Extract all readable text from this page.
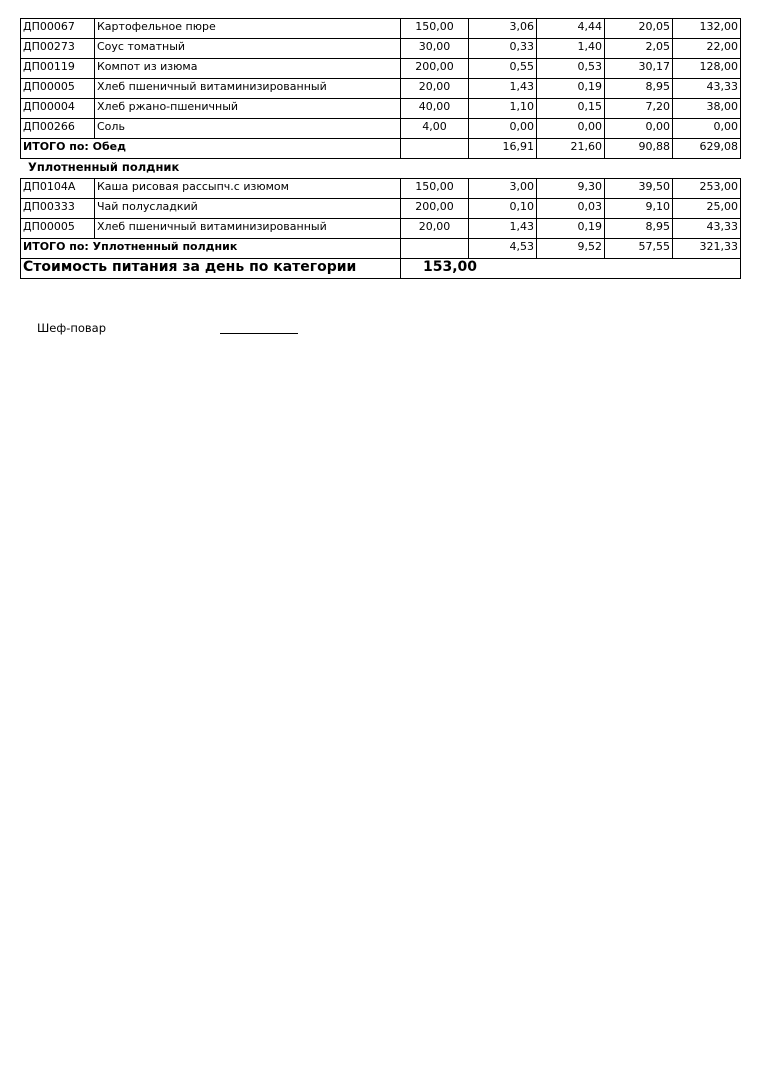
ДП00067	Картофельное пюре	150,00	3,06	4,44	20,05	132,00
ДП00273	Соус томатный	30,00	0,33	1,40	2,05	22,00
ДП00119	Компот из изюма	200,00	0,55	0,53	30,17	128,00
ДП00005	Хлеб пшеничный витаминизированный	20,00	1,43	0,19	8,95	43,33
ДП00004	Хлеб ржано-пшеничный	40,00	1,10	0,15	7,20	38,00
ДП00266	Соль	4,00	0,00	0,00	0,00	0,00
ИТОГО по: Обед			16,91	21,60	90,88	629,08
Уплотненный полдник
ДП0104А	Каша рисовая рассыпч.с изюмом	150,00	3,00	9,30	39,50	253,00
ДП00333	Чай полусладкий	200,00	0,10	0,03	9,10	25,00
ДП00005	Хлеб пшеничный витаминизированный	20,00	1,43	0,19	8,95	43,33
ИТОГО по: Уплотненный полдник			4,53	9,52	57,55	321,33
Стоимость питания за день по категории		153,00				
Шеф-повар
